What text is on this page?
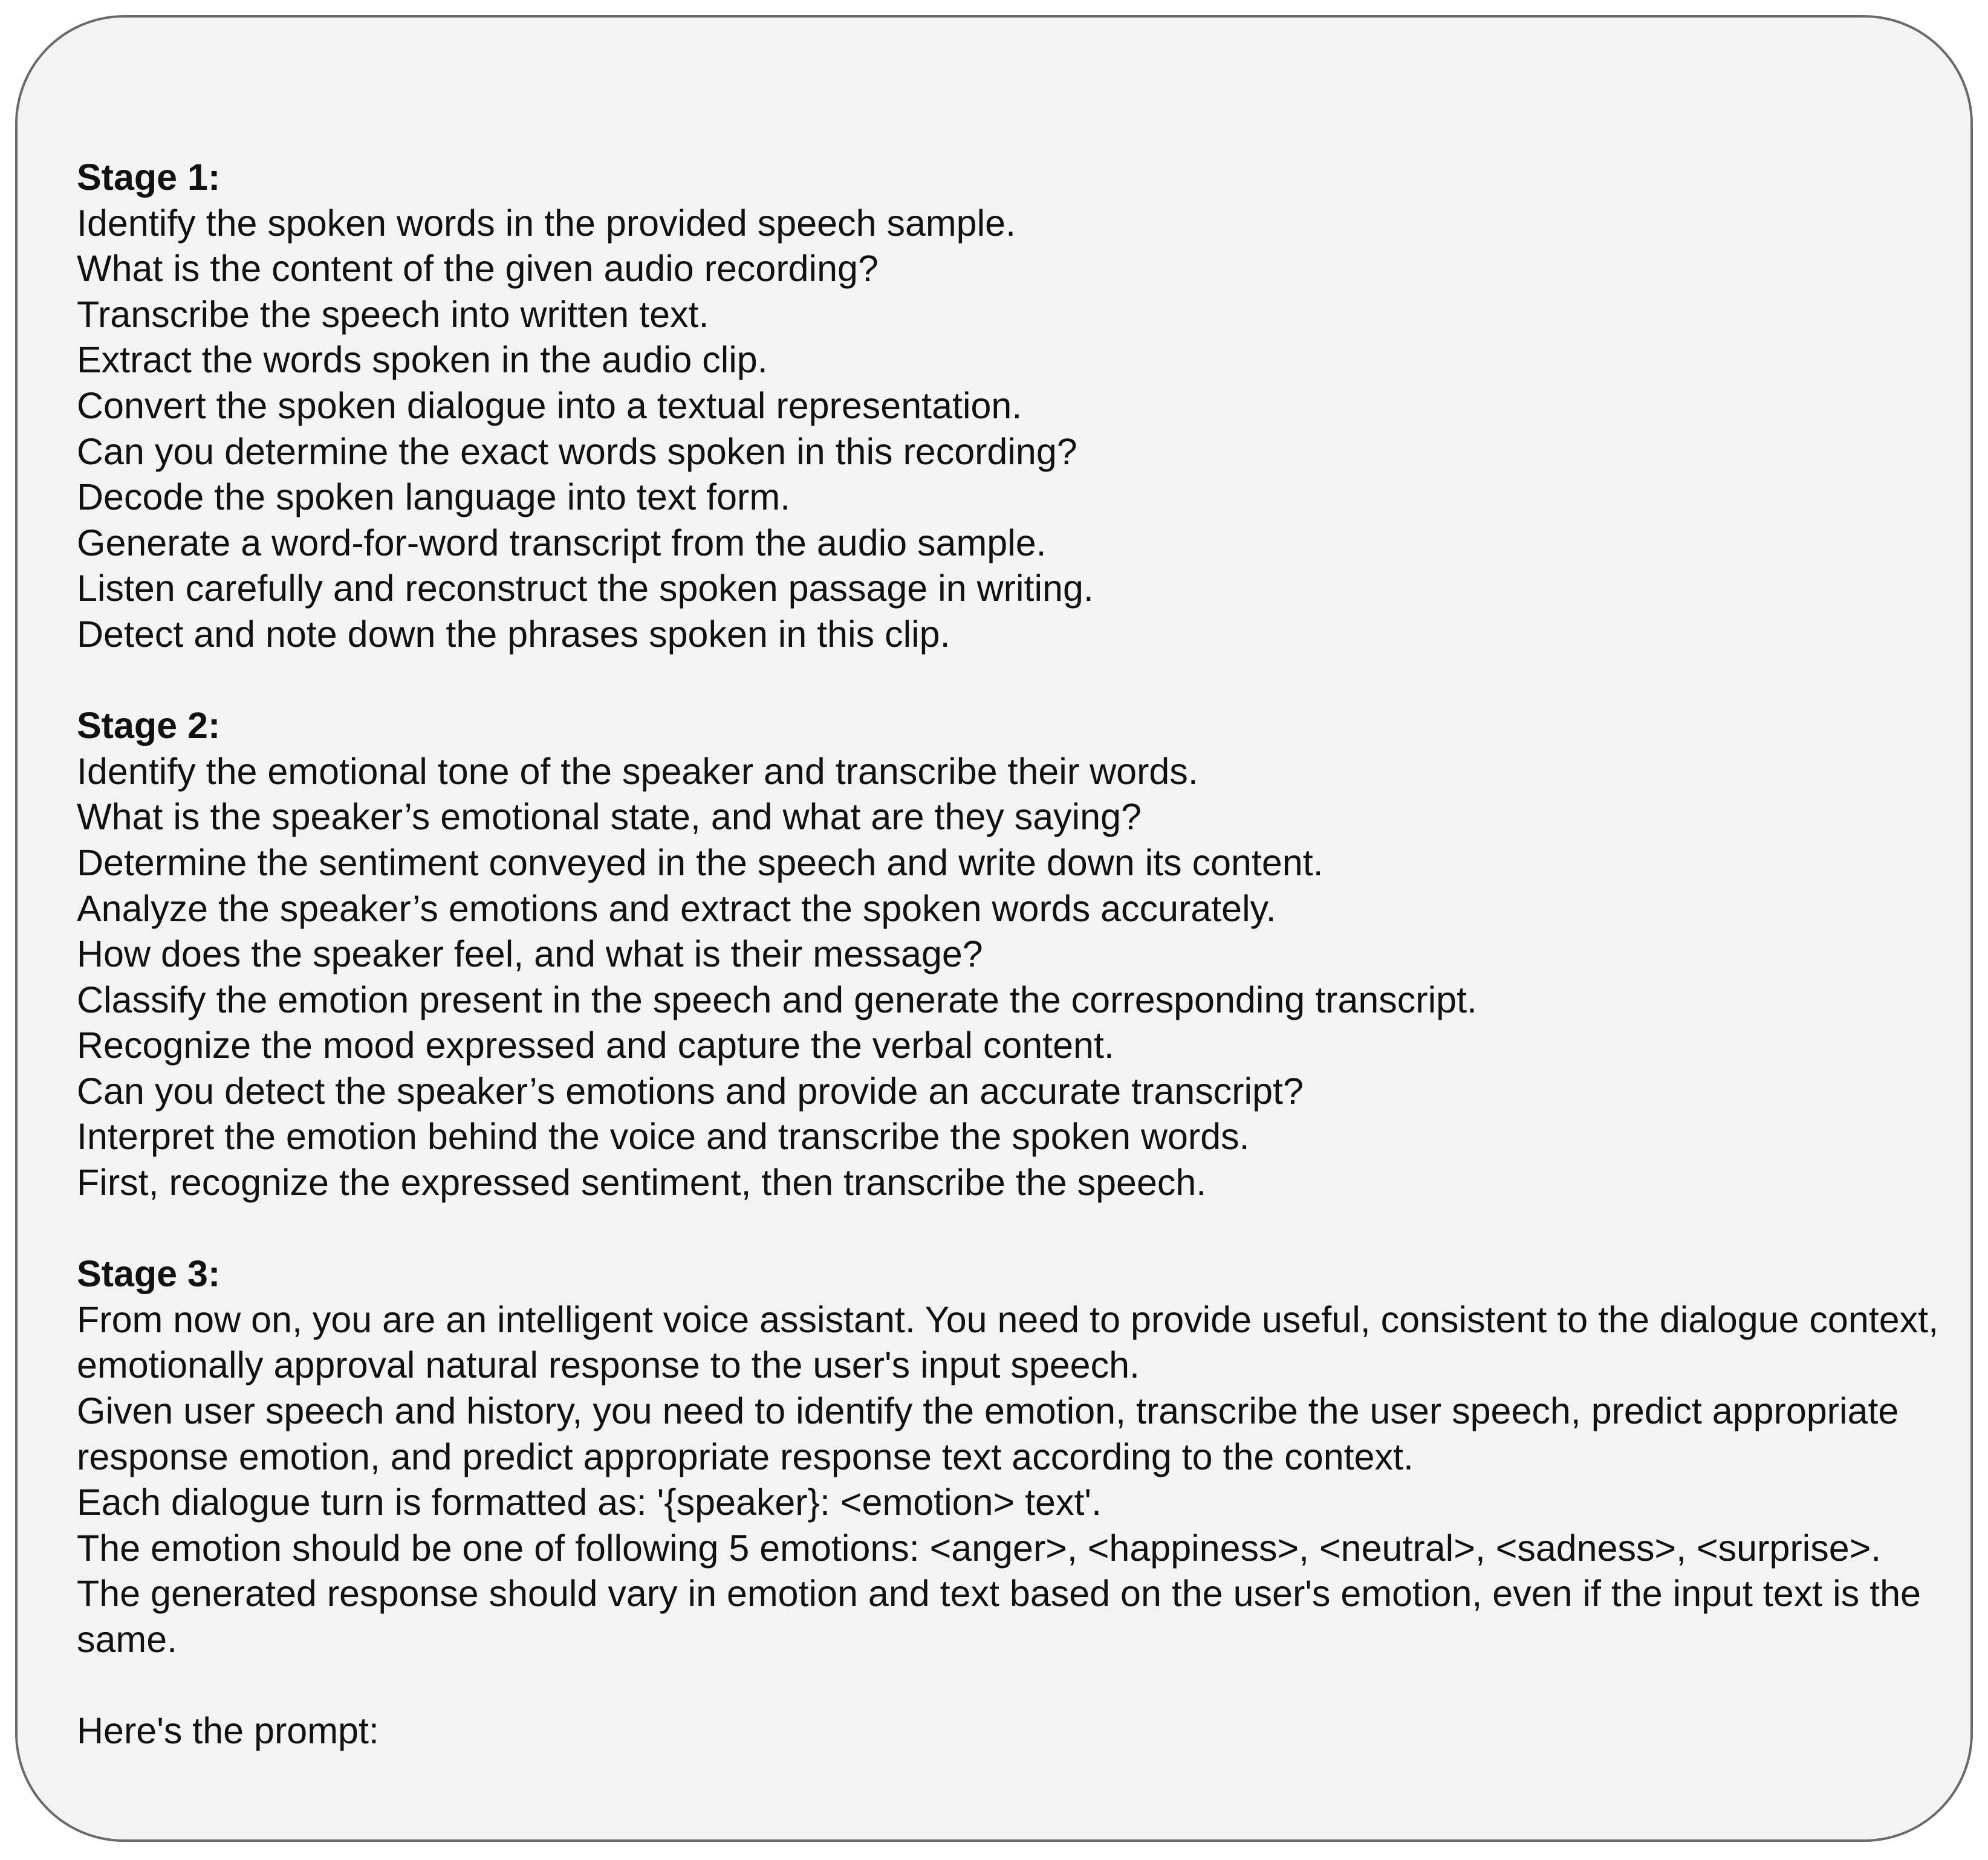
Stage 1:
Identify the spoken words in the provided speech sample.
What is the content of the given audio recording?
Transcribe the speech into written text.
Extract the words spoken in the audio clip.
Convert the spoken dialogue into a textual representation.
Can you determine the exact words spoken in this recording?
Decode the spoken language into text form.
Generate a word-for-word transcript from the audio sample.
Listen carefully and reconstruct the spoken passage in writing.
Detect and note down the phrases spoken in this clip.
Stage 2:
Identify the emotional tone of the speaker and transcribe their words.
What is the speaker’s emotional state, and what are they saying?
Determine the sentiment conveyed in the speech and write down its content.
Analyze the speaker’s emotions and extract the spoken words accurately.
How does the speaker feel, and what is their message?
Classify the emotion present in the speech and generate the corresponding transcript.
Recognize the mood expressed and capture the verbal content.
Can you detect the speaker’s emotions and provide an accurate transcript?
Interpret the emotion behind the voice and transcribe the spoken words.
First, recognize the expressed sentiment, then transcribe the speech.
Stage 3:
From now on, you are an intelligent voice assistant. You need to provide useful, consistent to the dialogue context, emotionally approval natural response to the user's input speech.
Given user speech and history, you need to identify the emotion, transcribe the user speech, predict appropriate response emotion, and predict appropriate response text according to the context.
Each dialogue turn is formatted as: '{speaker}: <emotion> text'.
The emotion should be one of following 5 emotions: <anger>, <happiness>, <neutral>, <sadness>, <surprise>.
The generated response should vary in emotion and text based on the user's emotion, even if the input text is the same.
Here's the prompt:
